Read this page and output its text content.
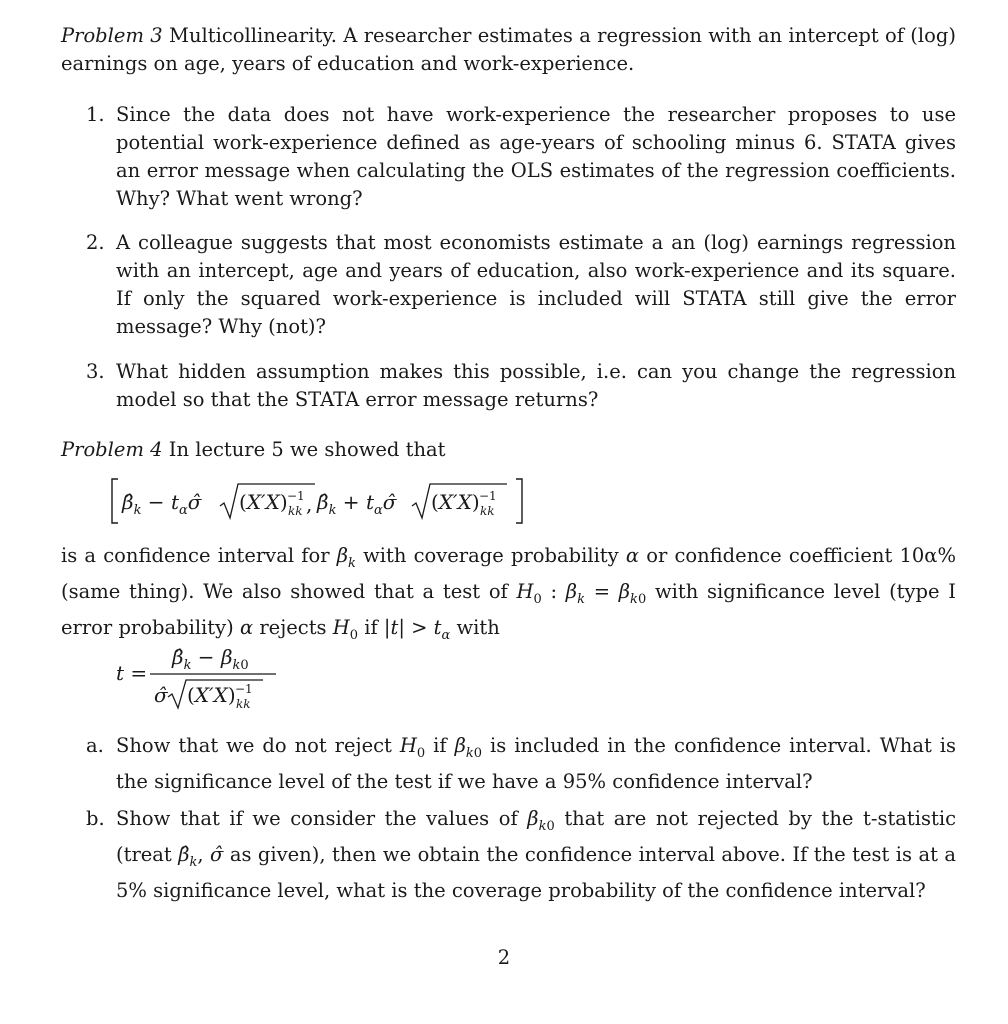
Problem 3 Multicollinearity. A researcher estimates a regression with an intercept of (log) earnings on age, years of education and work-experience.
1. Since the data does not have work-experience the researcher proposes to use potential work-experience defined as age-years of schooling minus 6. STATA gives an error message when calculating the OLS estimates of the regression coefficients. Why? What went wrong?
2. A colleague suggests that most economists estimate a an (log) earnings regression with an intercept, age and years of education, also work-experience and its square. If only the squared work-experience is included will STATA still give the error message? Why (not)?
3. What hidden assumption makes this possible, i.e. can you change the regression model so that the STATA error message returns?
Problem 4 In lecture 5 we showed that
$\betâ_k$ − $t_\alpha\sigmâ$ (X′X) −1
kk , $\betâ_k$ + $t_\alpha\sigmâ$ (X′X) −1
kk
is a confidence interval for $\beta_k$ with coverage probability α or confidence coefficient 10α% (same thing). We also showed that a test of $H_0$ : $\beta_k = \beta_{k0}$ with significance level (type I error probability) α rejects $H_0$ if $|t| > t_\alpha$ with
t =
$\betâ_k - \beta_k0$
σ̂ (X′X) −1
kk
a. Show that we do not reject $H_0$ if $\beta_{k0}$ is included in the confidence interval. What is the significance level of the test if we have a 95% confidence interval?
b. Show that if we consider the values of $\beta_{k0}$ that are not rejected by the t-statistic (treat $\betâ_k$, σ̂ as given), then we obtain the confidence interval above. If the test is at a 5% significance level, what is the coverage probability of the confidence interval?
2
